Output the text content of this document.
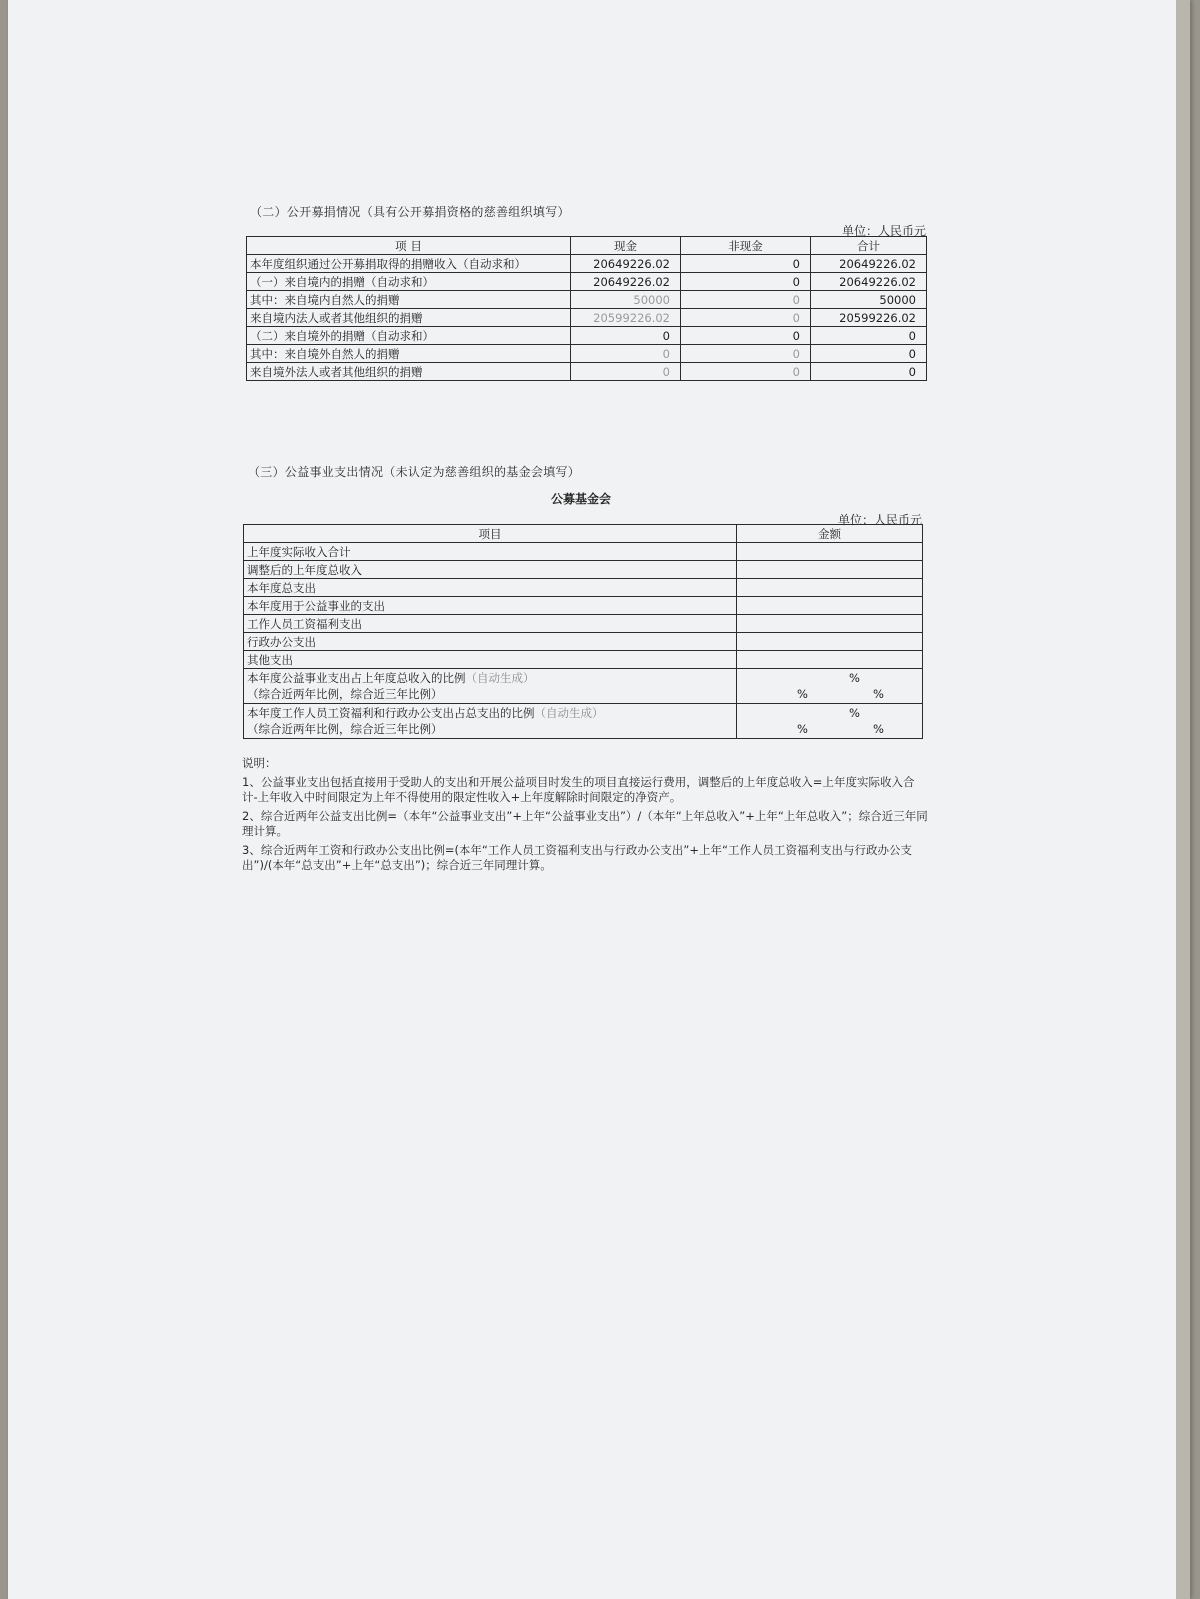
（二）公开募捐情况（具有公开募捐资格的慈善组织填写）
单位：人民币元
项 目	现金	非现金	合计
本年度组织通过公开募捐取得的捐赠收入（自动求和）	20649226.02	0	20649226.02
（一）来自境内的捐赠（自动求和）	20649226.02	0	20649226.02
其中：来自境内自然人的捐赠	50000	0	50000
来自境内法人或者其他组织的捐赠	20599226.02	0	20599226.02
（二）来自境外的捐赠（自动求和）	0	0	0
其中：来自境外自然人的捐赠	0	0	0
来自境外法人或者其他组织的捐赠	0	0	0
（三）公益事业支出情况（未认定为慈善组织的基金会填写）
公募基金会
单位：人民币元
项目	金额
上年度实际收入合计	
调整后的上年度总收入	
本年度总支出	
本年度用于公益事业的支出	
工作人员工资福利支出	
行政办公支出	
其他支出	
本年度公益事业支出占上年度总收入的比例（自动生成）
（综合近两年比例，综合近三年比例）	%
% %

本年度工作人员工资福利和行政办公支出占总支出的比例（自动生成）
（综合近两年比例，综合近三年比例）	%
% %

说明：

1、公益事业支出包括直接用于受助人的支出和开展公益项目时发生的项目直接运行费用，调整后的上年度总收入=上年度实际收入合计-上年收入中时间限定为上年不得使用的限定性收入+上年度解除时间限定的净资产。

2、综合近两年公益支出比例=（本年“公益事业支出”+上年“公益事业支出”）/（本年“上年总收入”+上年“上年总收入”；综合近三年同理计算。

3、综合近两年工资和行政办公支出比例=(本年“工作人员工资福利支出与行政办公支出”+上年“工作人员工资福利支出与行政办公支出”)/(本年“总支出”+上年“总支出”)；综合近三年同理计算。
